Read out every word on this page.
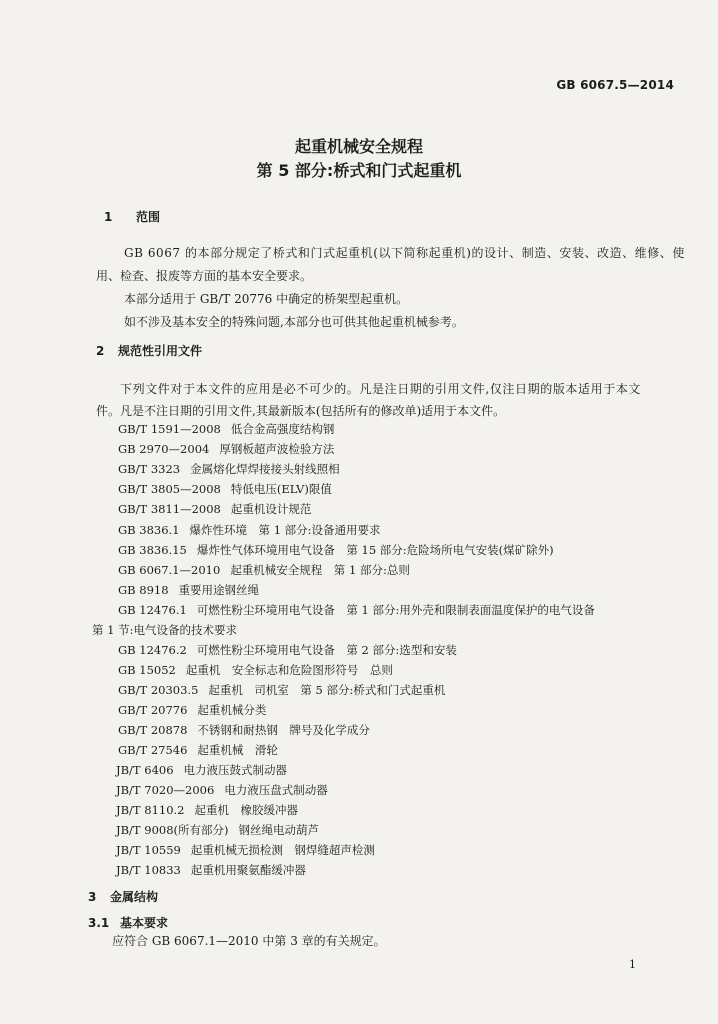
GB 6067.5—2014
起重机械安全规程
第 5 部分:桥式和门式起重机
1 范围
GB 6067 的本部分规定了桥式和门式起重机(以下简称起重机)的设计、制造、安装、改造、维修、使
用、检查、报废等方面的基本安全要求。
本部分适用于 GB/T 20776 中确定的桥架型起重机。
如不涉及基本安全的特殊问题,本部分也可供其他起重机械参考。
2 规范性引用文件
下列文件对于本文件的应用是必不可少的。凡是注日期的引用文件,仅注日期的版本适用于本文
件。凡是不注日期的引用文件,其最新版本(包括所有的修改单)适用于本文件。
GB/T 1591—2008 低合金高强度结构钢
GB 2970—2004 厚钢板超声波检验方法
GB/T 3323 金属熔化焊焊接接头射线照相
GB/T 3805—2008 特低电压(ELV)限值
GB/T 3811—2008 起重机设计规范
GB 3836.1 爆炸性环境　第 1 部分:设备通用要求
GB 3836.15 爆炸性气体环境用电气设备　第 15 部分:危险场所电气安装(煤矿除外)
GB 6067.1—2010 起重机械安全规程　第 1 部分:总则
GB 8918 重要用途钢丝绳
GB 12476.1 可燃性粉尘环境用电气设备　第 1 部分:用外壳和限制表面温度保护的电气设备
第 1 节:电气设备的技术要求
GB 12476.2 可燃性粉尘环境用电气设备　第 2 部分:选型和安装
GB 15052 起重机　安全标志和危险图形符号　总则
GB/T 20303.5 起重机　司机室　第 5 部分:桥式和门式起重机
GB/T 20776 起重机械分类
GB/T 20878 不锈钢和耐热钢　牌号及化学成分
GB/T 27546 起重机械　滑轮
JB/T 6406 电力液压鼓式制动器
JB/T 7020—2006 电力液压盘式制动器
JB/T 8110.2 起重机　橡胶缓冲器
JB/T 9008(所有部分) 钢丝绳电动葫芦
JB/T 10559 起重机械无损检测　钢焊缝超声检测
JB/T 10833 起重机用聚氨酯缓冲器
3 金属结构
3.1 基本要求
应符合 GB 6067.1—2010 中第 3 章的有关规定。
1
